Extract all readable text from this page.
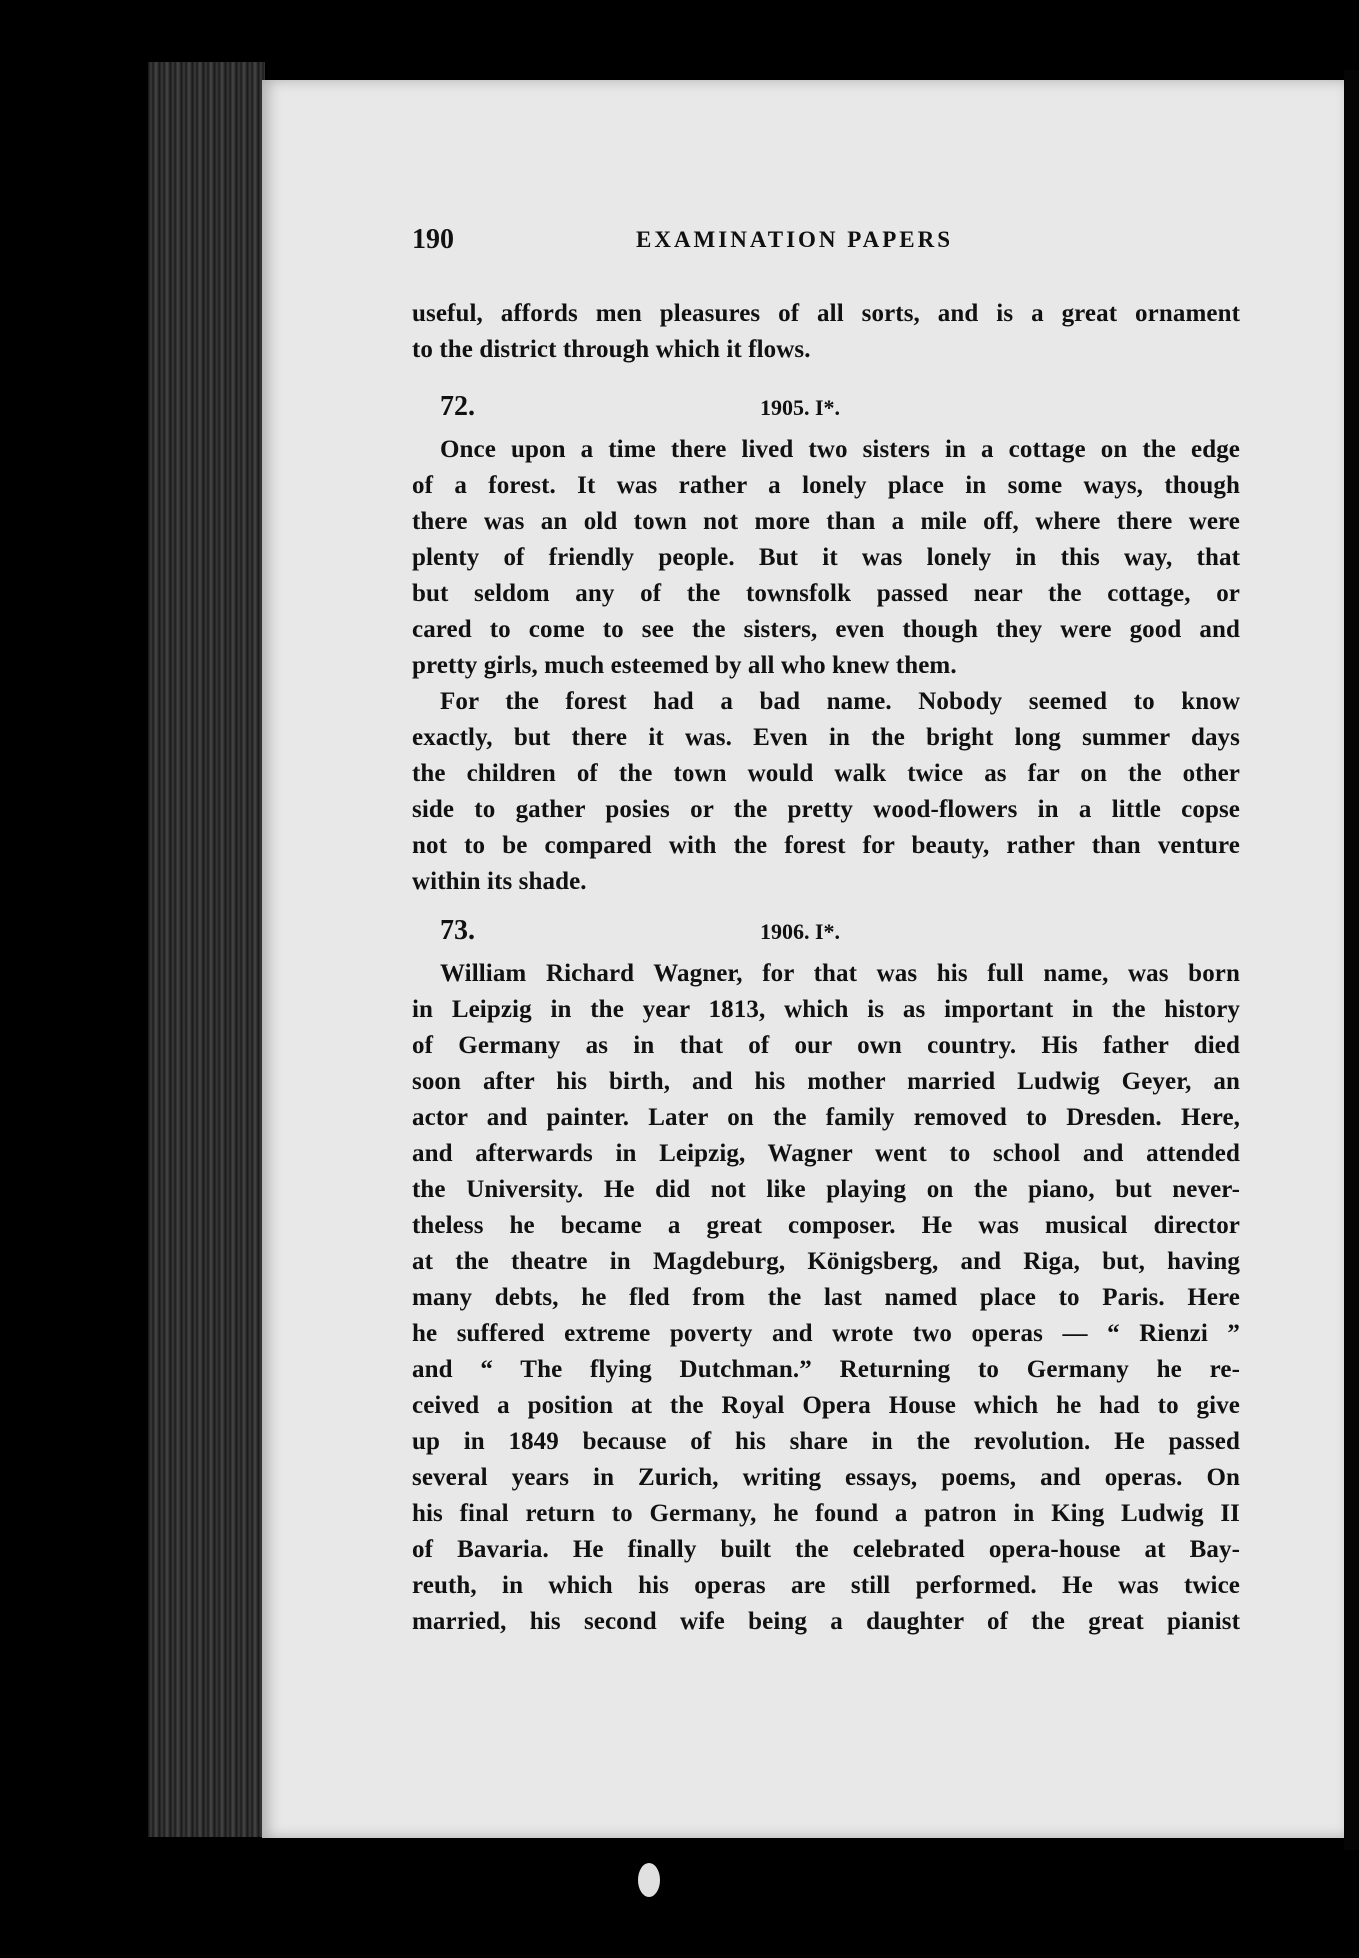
190	EXAMINATION PAPERS
useful, affords men pleasures of all sorts, and is a great ornament
to the district through which it flows.
72.	1905. I*.
Once upon a time there lived two sisters in a cottage on the edge
of a forest. It was rather a lonely place in some ways, though
there was an old town not more than a mile off, where there were
plenty of friendly people. But it was lonely in this way, that
but seldom any of the townsfolk passed near the cottage, or
cared to come to see the sisters, even though they were good and
pretty girls, much esteemed by all who knew them.
For the forest had a bad name. Nobody seemed to know
exactly, but there it was. Even in the bright long summer days
the children of the town would walk twice as far on the other
side to gather posies or the pretty wood-flowers in a little copse
not to be compared with the forest for beauty, rather than venture
within its shade.
73.	1906. I*.
William Richard Wagner, for that was his full name, was born
in Leipzig in the year 1813, which is as important in the history
of Germany as in that of our own country. His father died
soon after his birth, and his mother married Ludwig Geyer, an
actor and painter. Later on the family removed to Dresden. Here,
and afterwards in Leipzig, Wagner went to school and attended
the University. He did not like playing on the piano, but never-
theless he became a great composer. He was musical director
at the theatre in Magdeburg, Königsberg, and Riga, but, having
many debts, he fled from the last named place to Paris. Here
he suffered extreme poverty and wrote two operas — “ Rienzi ”
and “ The flying Dutchman.” Returning to Germany he re-
ceived a position at the Royal Opera House which he had to give
up in 1849 because of his share in the revolution. He passed
several years in Zurich, writing essays, poems, and operas. On
his final return to Germany, he found a patron in King Ludwig II
of Bavaria. He finally built the celebrated opera-house at Bay-
reuth, in which his operas are still performed. He was twice
married, his second wife being a daughter of the great pianist
